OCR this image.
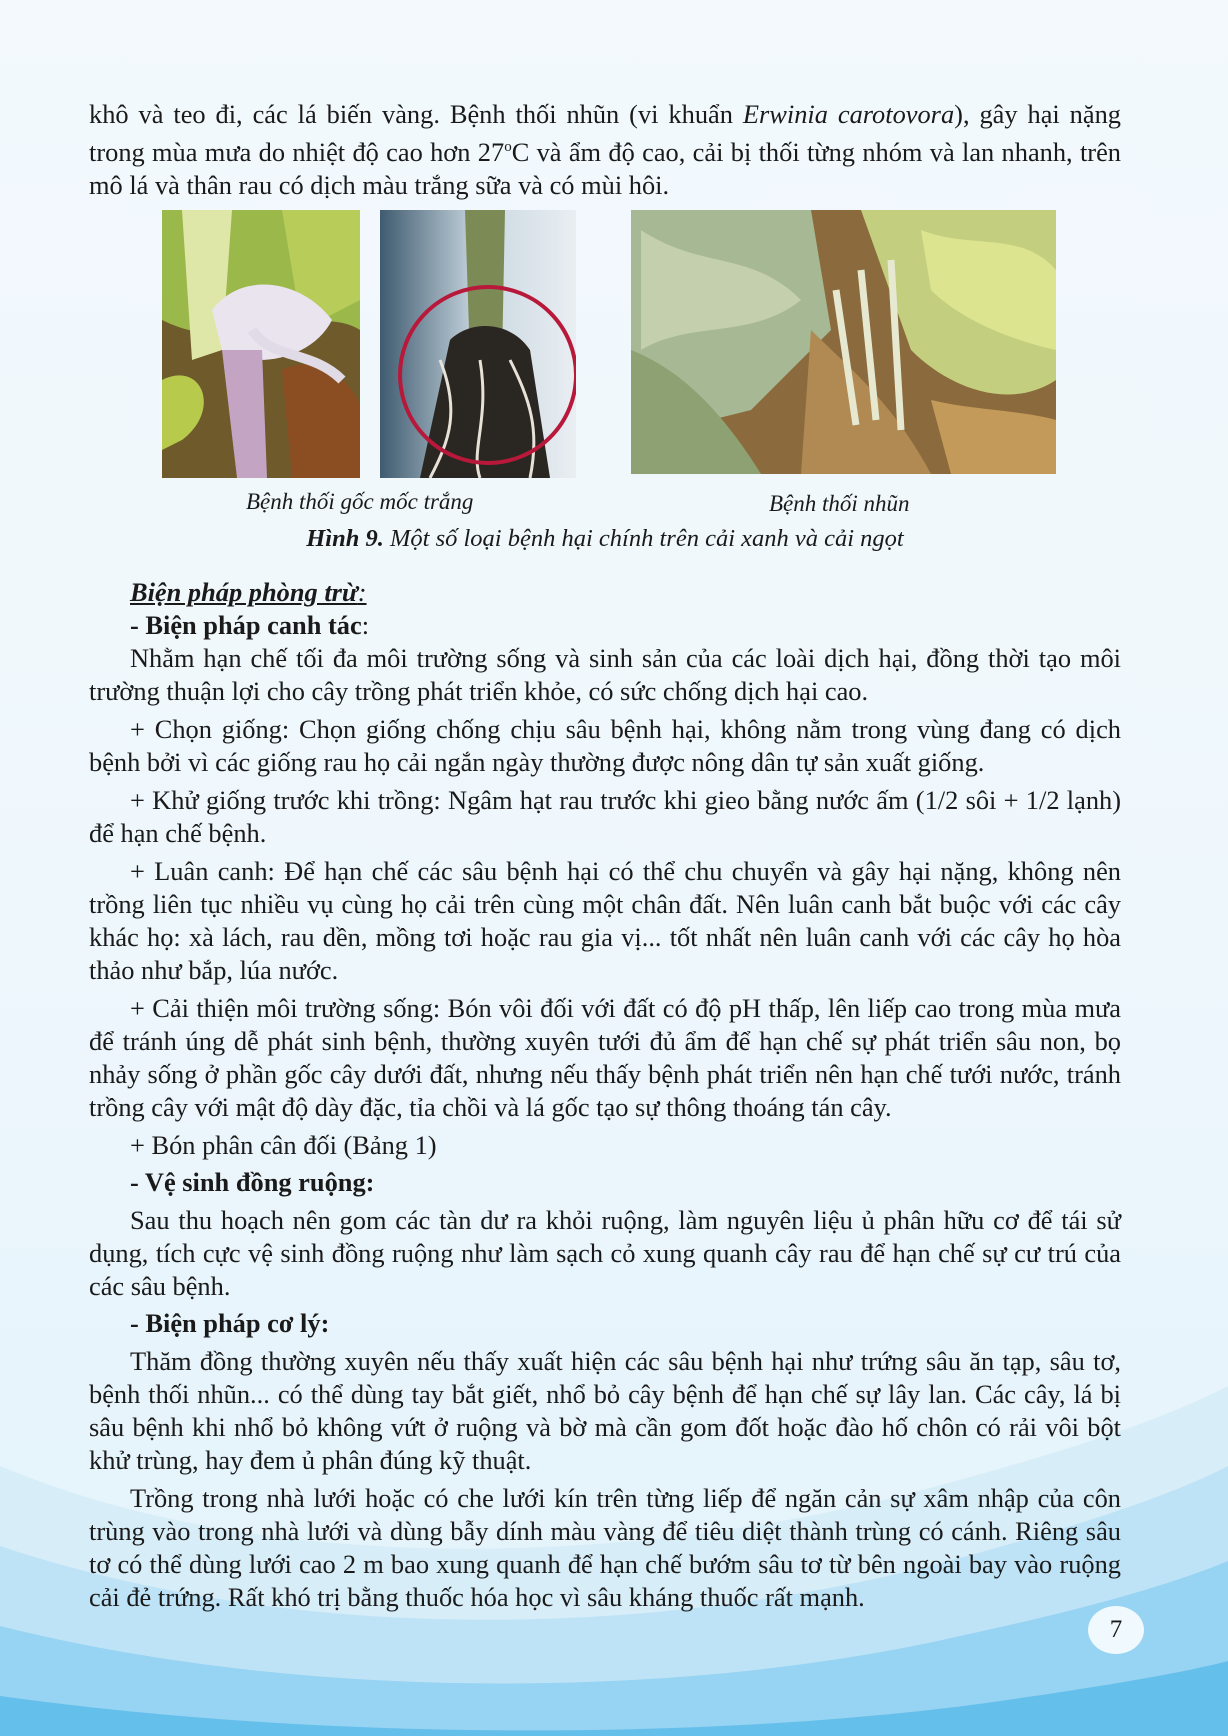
khô và teo đi, các lá biến vàng. Bệnh thối nhũn (vi khuẩn Erwinia carotovora), gây hại nặng trong mùa mưa do nhiệt độ cao hơn 27$^o$C và ẩm độ cao, cải bị thối từng nhóm và lan nhanh, trên mô lá và thân rau có dịch màu trắng sữa và có mùi hôi.

Bệnh thối gốc mốc trắng	Bệnh thối nhũn
Hình 9. Một số loại bệnh hại chính trên cải xanh và cải ngọt
Biện pháp phòng trừ:
- Biện pháp canh tác:

Nhằm hạn chế tối đa môi trường sống và sinh sản của các loài dịch hại, đồng thời tạo môi trường thuận lợi cho cây trồng phát triển khỏe, có sức chống dịch hại cao.

+ Chọn giống: Chọn giống chống chịu sâu bệnh hại, không nằm trong vùng đang có dịch bệnh bởi vì các giống rau họ cải ngắn ngày thường được nông dân tự sản xuất giống.

+ Khử giống trước khi trồng: Ngâm hạt rau trước khi gieo bằng nước ấm (1/2 sôi + 1/2 lạnh) để hạn chế bệnh.

+ Luân canh: Để hạn chế các sâu bệnh hại có thể chu chuyển và gây hại nặng, không nên trồng liên tục nhiều vụ cùng họ cải trên cùng một chân đất. Nên luân canh bắt buộc với các cây khác họ: xà lách, rau dền, mồng tơi hoặc rau gia vị... tốt nhất nên luân canh với các cây họ hòa thảo như bắp, lúa nước.

+ Cải thiện môi trường sống: Bón vôi đối với đất có độ pH thấp, lên liếp cao trong mùa mưa để tránh úng dễ phát sinh bệnh, thường xuyên tưới đủ ẩm để hạn chế sự phát triển sâu non, bọ nhảy sống ở phần gốc cây dưới đất, nhưng nếu thấy bệnh phát triển nên hạn chế tưới nước, tránh trồng cây với mật độ dày đặc, tỉa chồi và lá gốc tạo sự thông thoáng tán cây.

+ Bón phân cân đối (Bảng 1)

- Vệ sinh đồng ruộng:

Sau thu hoạch nên gom các tàn dư ra khỏi ruộng, làm nguyên liệu ủ phân hữu cơ để tái sử dụng, tích cực vệ sinh đồng ruộng như làm sạch cỏ xung quanh cây rau để hạn chế sự cư trú của các sâu bệnh.

- Biện pháp cơ lý:

Thăm đồng thường xuyên nếu thấy xuất hiện các sâu bệnh hại như trứng sâu ăn tạp, sâu tơ, bệnh thối nhũn... có thể dùng tay bắt giết, nhổ bỏ cây bệnh để hạn chế sự lây lan. Các cây, lá bị sâu bệnh khi nhổ bỏ không vứt ở ruộng và bờ mà cần gom đốt hoặc đào hố chôn có rải vôi bột khử trùng, hay đem ủ phân đúng kỹ thuật.

Trồng trong nhà lưới hoặc có che lưới kín trên từng liếp để ngăn cản sự xâm nhập của côn trùng vào trong nhà lưới và dùng bẫy dính màu vàng để tiêu diệt thành trùng có cánh. Riêng sâu tơ có thể dùng lưới cao 2 m bao xung quanh để hạn chế bướm sâu tơ từ bên ngoài bay vào ruộng cải đẻ trứng. Rất khó trị bằng thuốc hóa học vì sâu kháng thuốc rất mạnh.

7
